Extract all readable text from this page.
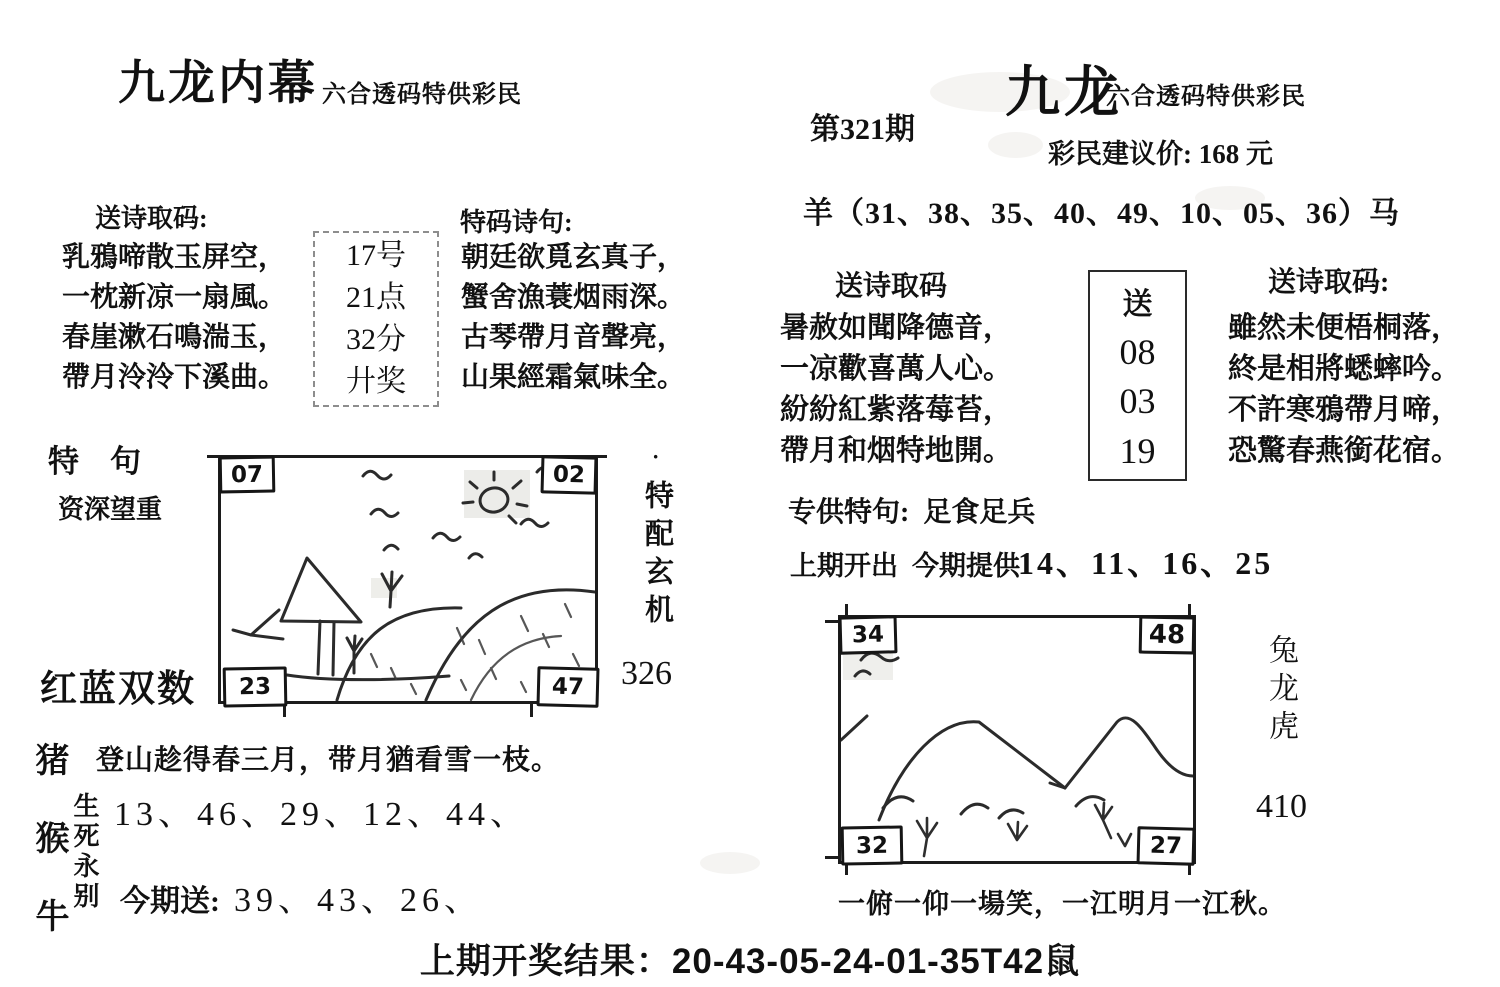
九龙内幕 六合透码特供彩民
送诗取码:	特码诗句:

乳鴉啼散玉屏空，

一枕新凉一扇風。

春崖漱石鳴湍玉，

帶月泠泠下溪曲。

17号

21点

32分

廾奖

朝廷欲覓玄真子，

蟹舍漁蓑烟雨深。

古琴帶月音聲亮，

山果經霜氣味全。

特　句
资深望重
07	02
23	47
·
特配玄机
326
红蓝双数
猪猴牛 生死永别
登山趁得春三月，带月猶看雪一枝。
13、46、29、12、44、
今期送: 39、43、26、
第321期
九龙
六合透码特供彩民
彩民建议价: 168 元
羊（31、38、35、40、49、10、05、36）马
送诗取码

暑赦如聞降德音，

一凉歡喜萬人心。

紛紛紅紫落莓苔，

帶月和烟特地開。

送
08
03
19
送诗取码:

雖然未便梧桐落，

終是相將蟋蟀吟。

不許寒鴉帶月啼，

恐驚春燕銜花宿。

专供特句: 足食足兵
上期开出 今期提供
14、11、16、25
34	48
32	27
兔龙虎
410
一俯一仰一場笑，一江明月一江秋。
上期开奖结果：20-43-05-24-01-35T42鼠
